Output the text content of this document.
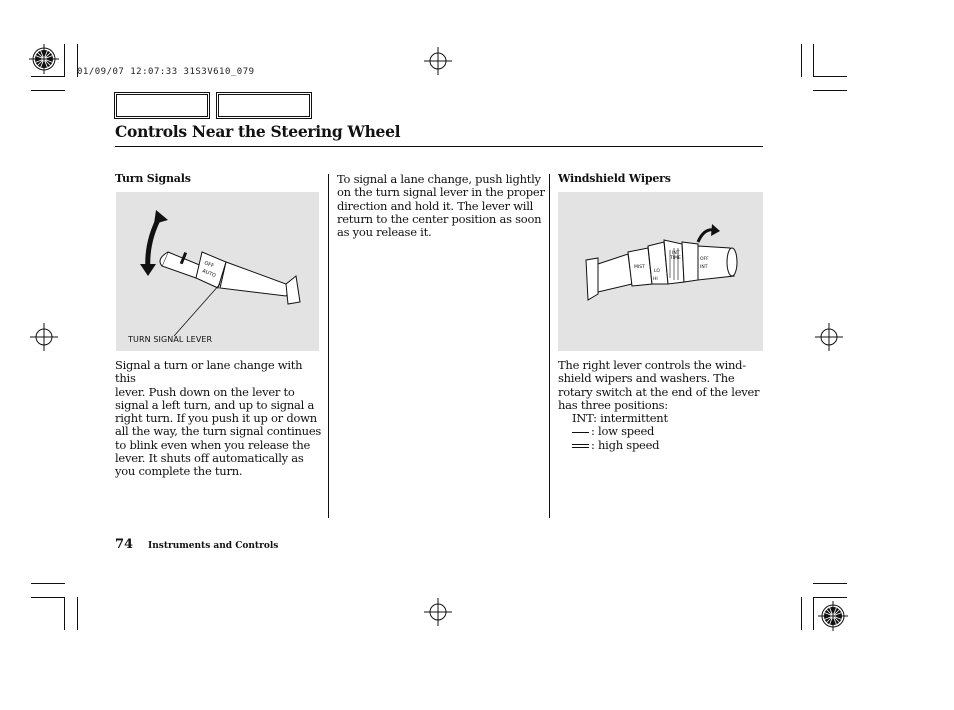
01/09/07 12:07:33 31S3V610_079
Controls Near the Steering Wheel
Turn Signals
OFF
AUTO
TURN SIGNAL LEVER
Signal a turn or lane change with this
lever. Push down on the lever to
signal a left turn, and up to signal a
right turn. If you push it up or down
all the way, the turn signal continues
to blink even when you release the
lever. It shuts off automatically as
you complete the turn.
To signal a lane change, push lightly
on the turn signal lever in the proper
direction and hold it. The lever will
return to the center position as soon
as you release it.
Windshield Wipers
INT
TIME	OFF
INT
LO
HI
MIST
The right lever controls the wind-
shield wipers and washers. The
rotary switch at the end of the lever
has three positions:
INT: intermittent
: low speed
: high speed
74 Instruments and Controls
